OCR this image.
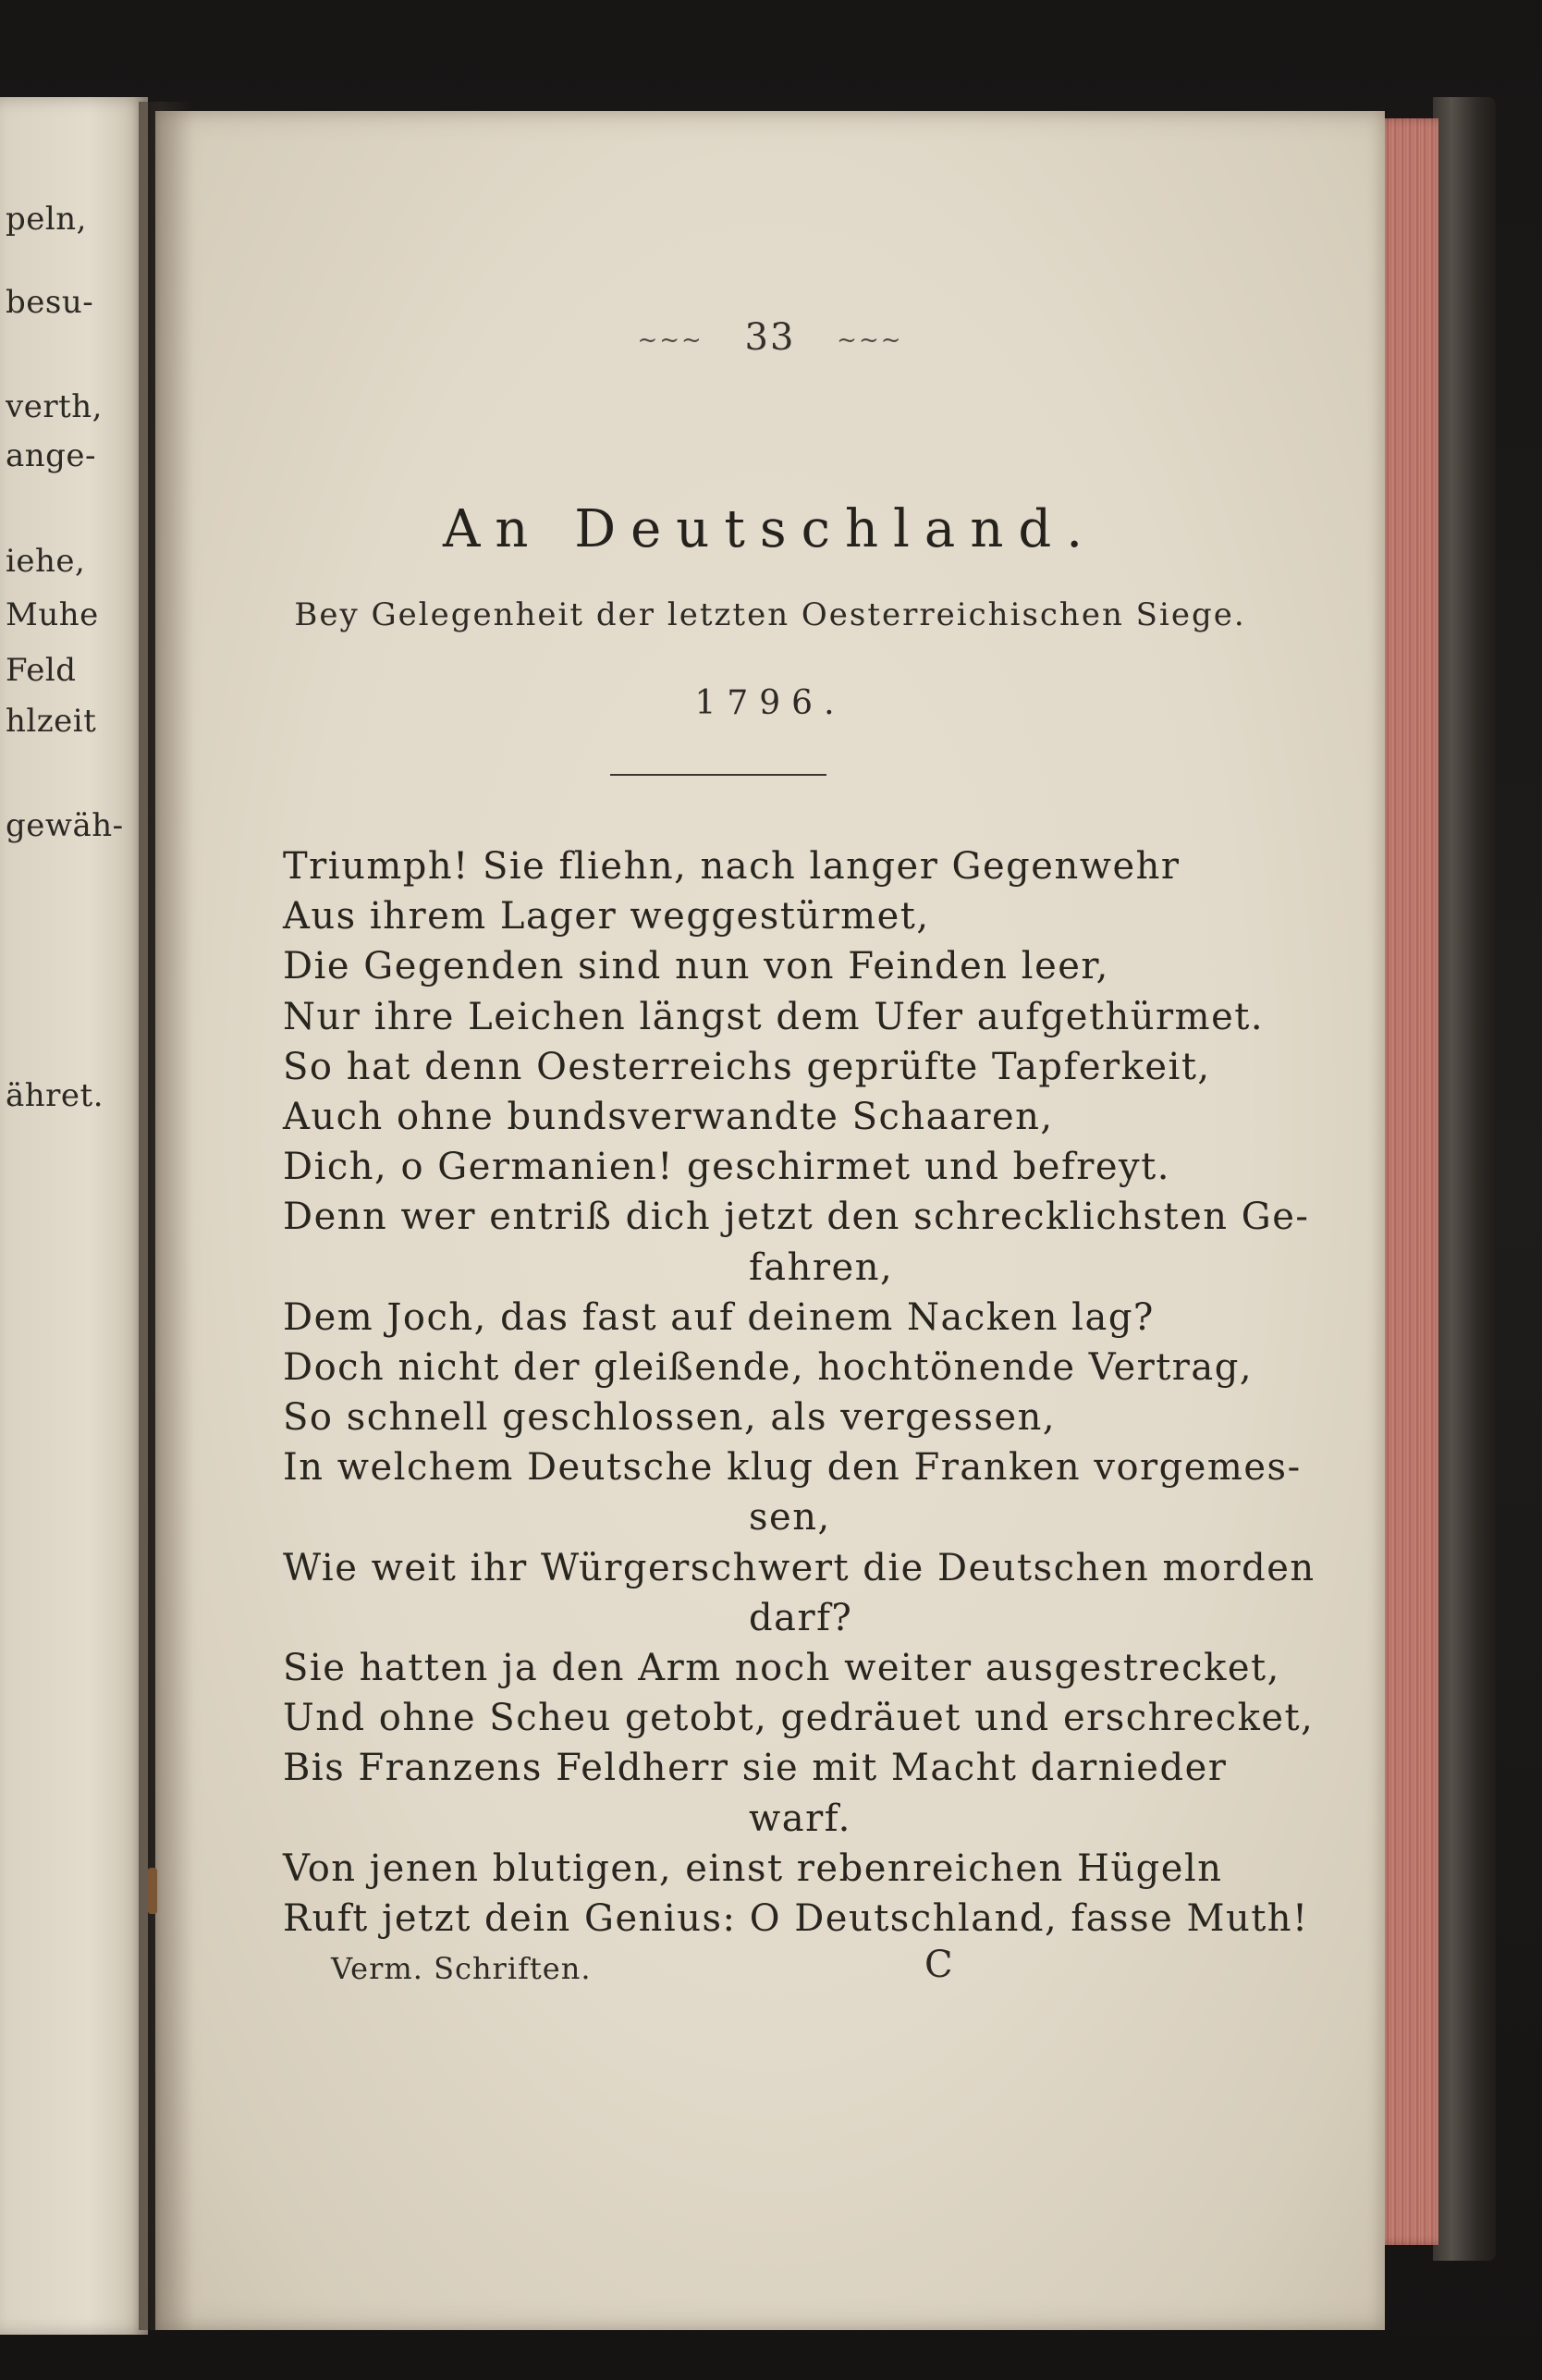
peln,
besu-
verth,
ange-
iehe,
Muhe
Feld
hlzeit
gewäh-
ähret.
~~~ 33 ~~~
An Deutschland.
Bey Gelegenheit der letzten Oesterreichischen Siege.
1796.
Triumph! Sie fliehn, nach langer Gegenwehr
Aus ihrem Lager weggestürmet,
Die Gegenden sind nun von Feinden leer,
Nur ihre Leichen längst dem Ufer aufgethürmet.
So hat denn Oesterreichs geprüfte Tapferkeit,
Auch ohne bundsverwandte Schaaren,
Dich, o Germanien! geschirmet und befreyt.
Denn wer entriß dich jetzt den schrecklichsten Ge-
fahren,
Dem Joch, das fast auf deinem Nacken lag?
Doch nicht der gleißende, hochtönende Vertrag,
So schnell geschlossen, als vergessen,
In welchem Deutsche klug den Franken vorgemes-
sen,
Wie weit ihr Würgerschwert die Deutschen morden
darf?
Sie hatten ja den Arm noch weiter ausgestrecket,
Und ohne Scheu getobt, gedräuet und erschrecket,
Bis Franzens Feldherr sie mit Macht darnieder
warf.
Von jenen blutigen, einst rebenreichen Hügeln
Ruft jetzt dein Genius: O Deutschland, fasse Muth!
Verm. Schriften.	C
